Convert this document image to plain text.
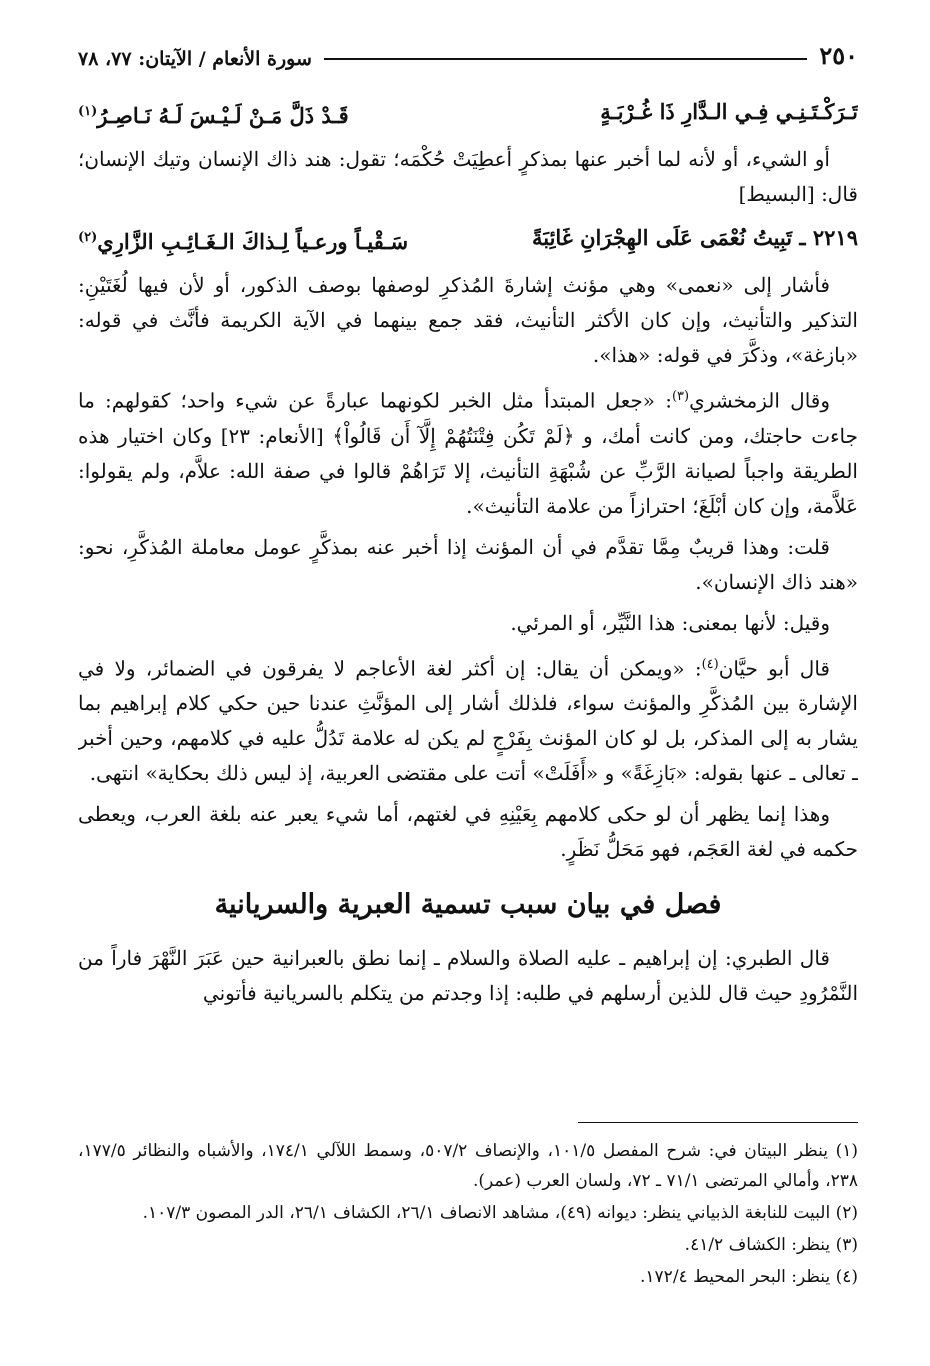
٢٥٠
سورة الأنعام / الآيتان: ٧٧، ٧٨
تَـرَكْـتَـنِـي فِـي الـدَّارِ ذَا غُـرْبَـةٍ
قَـدْ ذَلَّ مَـنْ لَـيْـسَ لَـهُ نَـاصِـرُ$^{(١)}$

أو الشيء، أو لأنه لما أخبر عنها بمذكرٍ أعطِيَتْ حُكْمَه؛ تقول: هند ذاك الإنسان وتيك الإنسان؛ قال: [البسيط]

٢٢١٩ ـ تَبِيتُ نُعْمَى عَلَى الهِجْرَانِ غَائِبَةً
سَـقْيـاً ورعـياً لِـذاكَ الـغَـائِـبِ الزَّارِي$^{(٢)}$

فأشار إلى «نعمى» وهي مؤنث إشارةَ المُذكرِ لوصفها بوصف الذكور، أو لأن فيها لُغَتَيْنِ: التذكير والتأنيث، وإن كان الأكثر التأنيث، فقد جمع بينهما في الآية الكريمة فأنَّث في قوله: «بازغة»، وذكَّرَ في قوله: «هذا».

وقال الزمخشري$^{(٣)}$: «جعل المبتدأ مثل الخبر لكونهما عبارةً عن شيء واحد؛ كقولهم: ما جاءت حاجتك، ومن كانت أمك، و ﴿لَمْ تَكُن فِتْنَتُهُمْ إِلَّآ أَن قَالُواْ﴾ [الأنعام: ٢٣] وكان اختيار هذه الطريقة واجباً لصيانة الرَّبِّ عن شُبْهَةِ التأنيث، إلا تَرَاهُمْ قالوا في صفة الله: علاَّم، ولم يقولوا: عَلاَّمة، وإن كان أبْلَغَ؛ احترازاً من علامة التأنيث».

قلت: وهذا قريبٌ مِمَّا تقدَّم في أن المؤنث إذا أخبر عنه بمذكَّرٍ عومل معاملة المُذكَّرِ، نحو: «هند ذاك الإنسان».

وقيل: لأنها بمعنى: هذا النَّيِّر، أو المرئي.

قال أبو حيَّان$^{(٤)}$: «ويمكن أن يقال: إن أكثر لغة الأعاجم لا يفرقون في الضمائر، ولا في الإشارة بين المُذكَّرِ والمؤنث سواء، فلذلك أشار إلى المؤنَّثِ عندنا حين حكي كلام إبراهيم بما يشار به إلى المذكر، بل لو كان المؤنث بِفَرْجٍ لم يكن له علامة تَدُلُّ عليه في كلامهم، وحين أخبر ـ تعالى ـ عنها بقوله: «بَازِغَةً» و «أَفَلَتْ» أتت على مقتضى العربية، إذ ليس ذلك بحكاية» انتهى.

وهذا إنما يظهر أن لو حكى كلامهم بِعَيْنِهِ في لغتهم، أما شيء يعبر عنه بلغة العرب، ويعطى حكمه في لغة العَجَم، فهو مَحَلُّ نَظَرٍ.

فصل في بيان سبب تسمية العبرية والسريانية

قال الطبري: إن إبراهيم ـ عليه الصلاة والسلام ـ إنما نطق بالعبرانية حين عَبَرَ النَّهْرَ فاراً من النَّمْرُودِ حيث قال للذين أرسلهم في طلبه: إذا وجدتم من يتكلم بالسريانية فأتوني

(١) ينظر البيتان في: شرح المفصل ١٠١/٥، والإنصاف ٥٠٧/٢، وسمط اللآلي ١٧٤/١، والأشباه والنظائر ١٧٧/٥، ٢٣٨، وأمالي المرتضى ٧١/١ ـ ٧٢، ولسان العرب (عمر).

(٢) البيت للنابغة الذبياني ينظر: ديوانه (٤٩)، مشاهد الانصاف ٢٦/١، الكشاف ٢٦/١، الدر المصون ١٠٧/٣.

(٣) ينظر: الكشاف ٤١/٢.

(٤) ينظر: البحر المحيط ١٧٢/٤.
